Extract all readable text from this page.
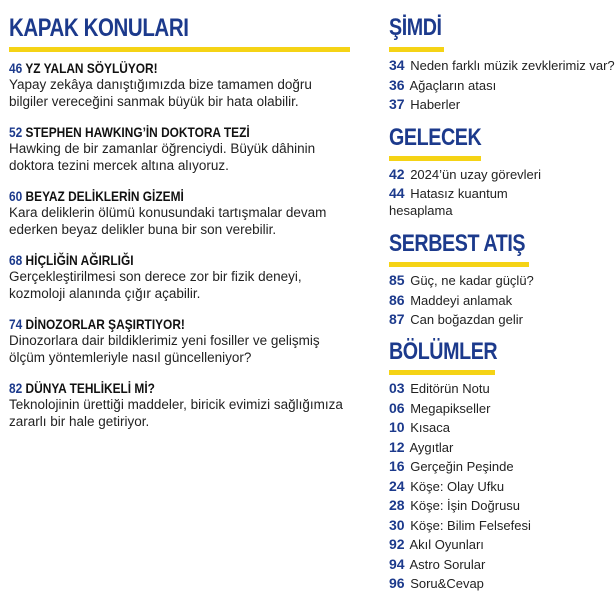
KAPAK KONULARI
46 YZ YALAN SÖYLÜYOR!
Yapay zekâya danıştığımızda bize tamamen doğru bilgiler vereceğini sanmak büyük bir hata olabilir.
52 STEPHEN HAWKING’İN DOKTORA TEZİ
Hawking de bir zamanlar öğrenciydi. Büyük dâhinin doktora tezini mercek altına alıyoruz.
60 BEYAZ DELİKLERİN GİZEMİ
Kara deliklerin ölümü konusundaki tartışmalar devam ederken beyaz delikler buna bir son verebilir.
68 HİÇLİĞİN AĞIRLIĞI
Gerçekleştirilmesi son derece zor bir fizik deneyi, kozmoloji alanında çığır açabilir.
74 DİNOZORLAR ŞAŞIRTIYOR!
Dinozorlara dair bildiklerimiz yeni fosiller ve gelişmiş ölçüm yöntemleriyle nasıl güncelleniyor?
82 DÜNYA TEHLİKELİ Mİ?
Teknolojinin ürettiği maddeler, biricik evimizi sağlığımıza zararlı bir hale getiriyor.
ŞİMDİ
34 Neden farklı müzik zevklerimiz var?
36 Ağaçların atası
37 Haberler
GELECEK
42 2024’ün uzay görevleri
44 Hatasız kuantum hesaplama
SERBEST ATIŞ
85 Güç, ne kadar güçlü?
86 Maddeyi anlamak
87 Can boğazdan gelir
BÖLÜMLER
03 Editörün Notu
06 Megapikseller
10 Kısaca
12 Aygıtlar
16 Gerçeğin Peşinde
24 Köşe: Olay Ufku
28 Köşe: İşin Doğrusu
30 Köşe: Bilim Felsefesi
92 Akıl Oyunları
94 Astro Sorular
96 Soru&Cevap
